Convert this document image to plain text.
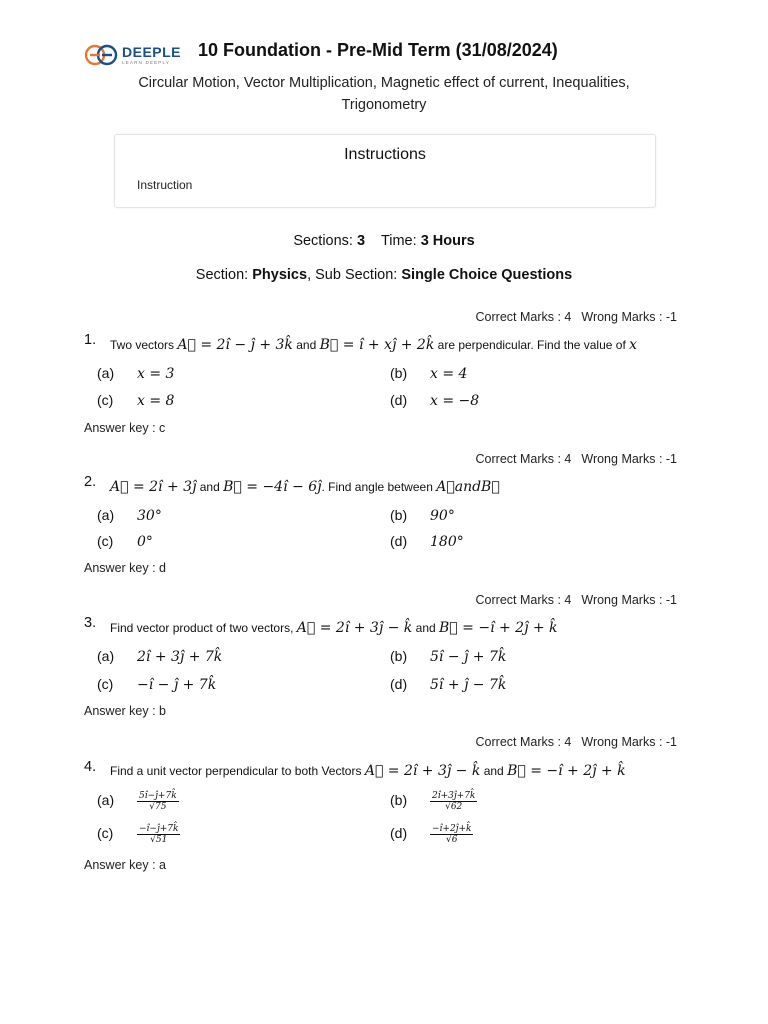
DEEPLE
LEARN DEEPLY
10 Foundation - Pre-Mid Term (31/08/2024)
Circular Motion, Vector Multiplication, Magnetic effect of current, Inequalities, Trigonometry
Instructions
Instruction
Sections: 3 Time: 3 Hours
Section: Physics, Sub Section: Single Choice Questions
Correct Marks : 4 Wrong Marks : -1
1. Two vectors A⃗ = 2î − ĵ + 3k̂ and B⃗ = î + xĵ + 2k̂ are perpendicular. Find the value of x
(a) x = 3	(b) x = 4
(c) x = 8	(d) x = −8
Answer key : c
Correct Marks : 4 Wrong Marks : -1
2. A⃗ = 2î + 3ĵ and B⃗ = −4î − 6ĵ. Find angle between A⃗andB⃗
(a) 30°	(b) 90°
(c) 0°	(d) 180°
Answer key : d
Correct Marks : 4 Wrong Marks : -1
3. Find vector product of two vectors, A⃗ = 2î + 3ĵ − k̂ and B⃗ = −î + 2ĵ + k̂
(a) 2î + 3ĵ + 7k̂	(b) 5î − ĵ + 7k̂
(c) −î − ĵ + 7k̂	(d) 5î + ĵ − 7k̂
Answer key : b
Correct Marks : 4 Wrong Marks : -1
4. Find a unit vector perpendicular to both Vectors A⃗ = 2î + 3ĵ − k̂ and B⃗ = −î + 2ĵ + k̂
(a)	$\frac{5î-ĵ+7k̂}{√75}$	(b)	$\frac{2î+3ĵ+7k̂}{√62}$
(c)	$\frac{-î-ĵ+7k̂}{√51}$	(d)	$\frac{-î+2ĵ+k̂}{√6}$
Answer key : a
